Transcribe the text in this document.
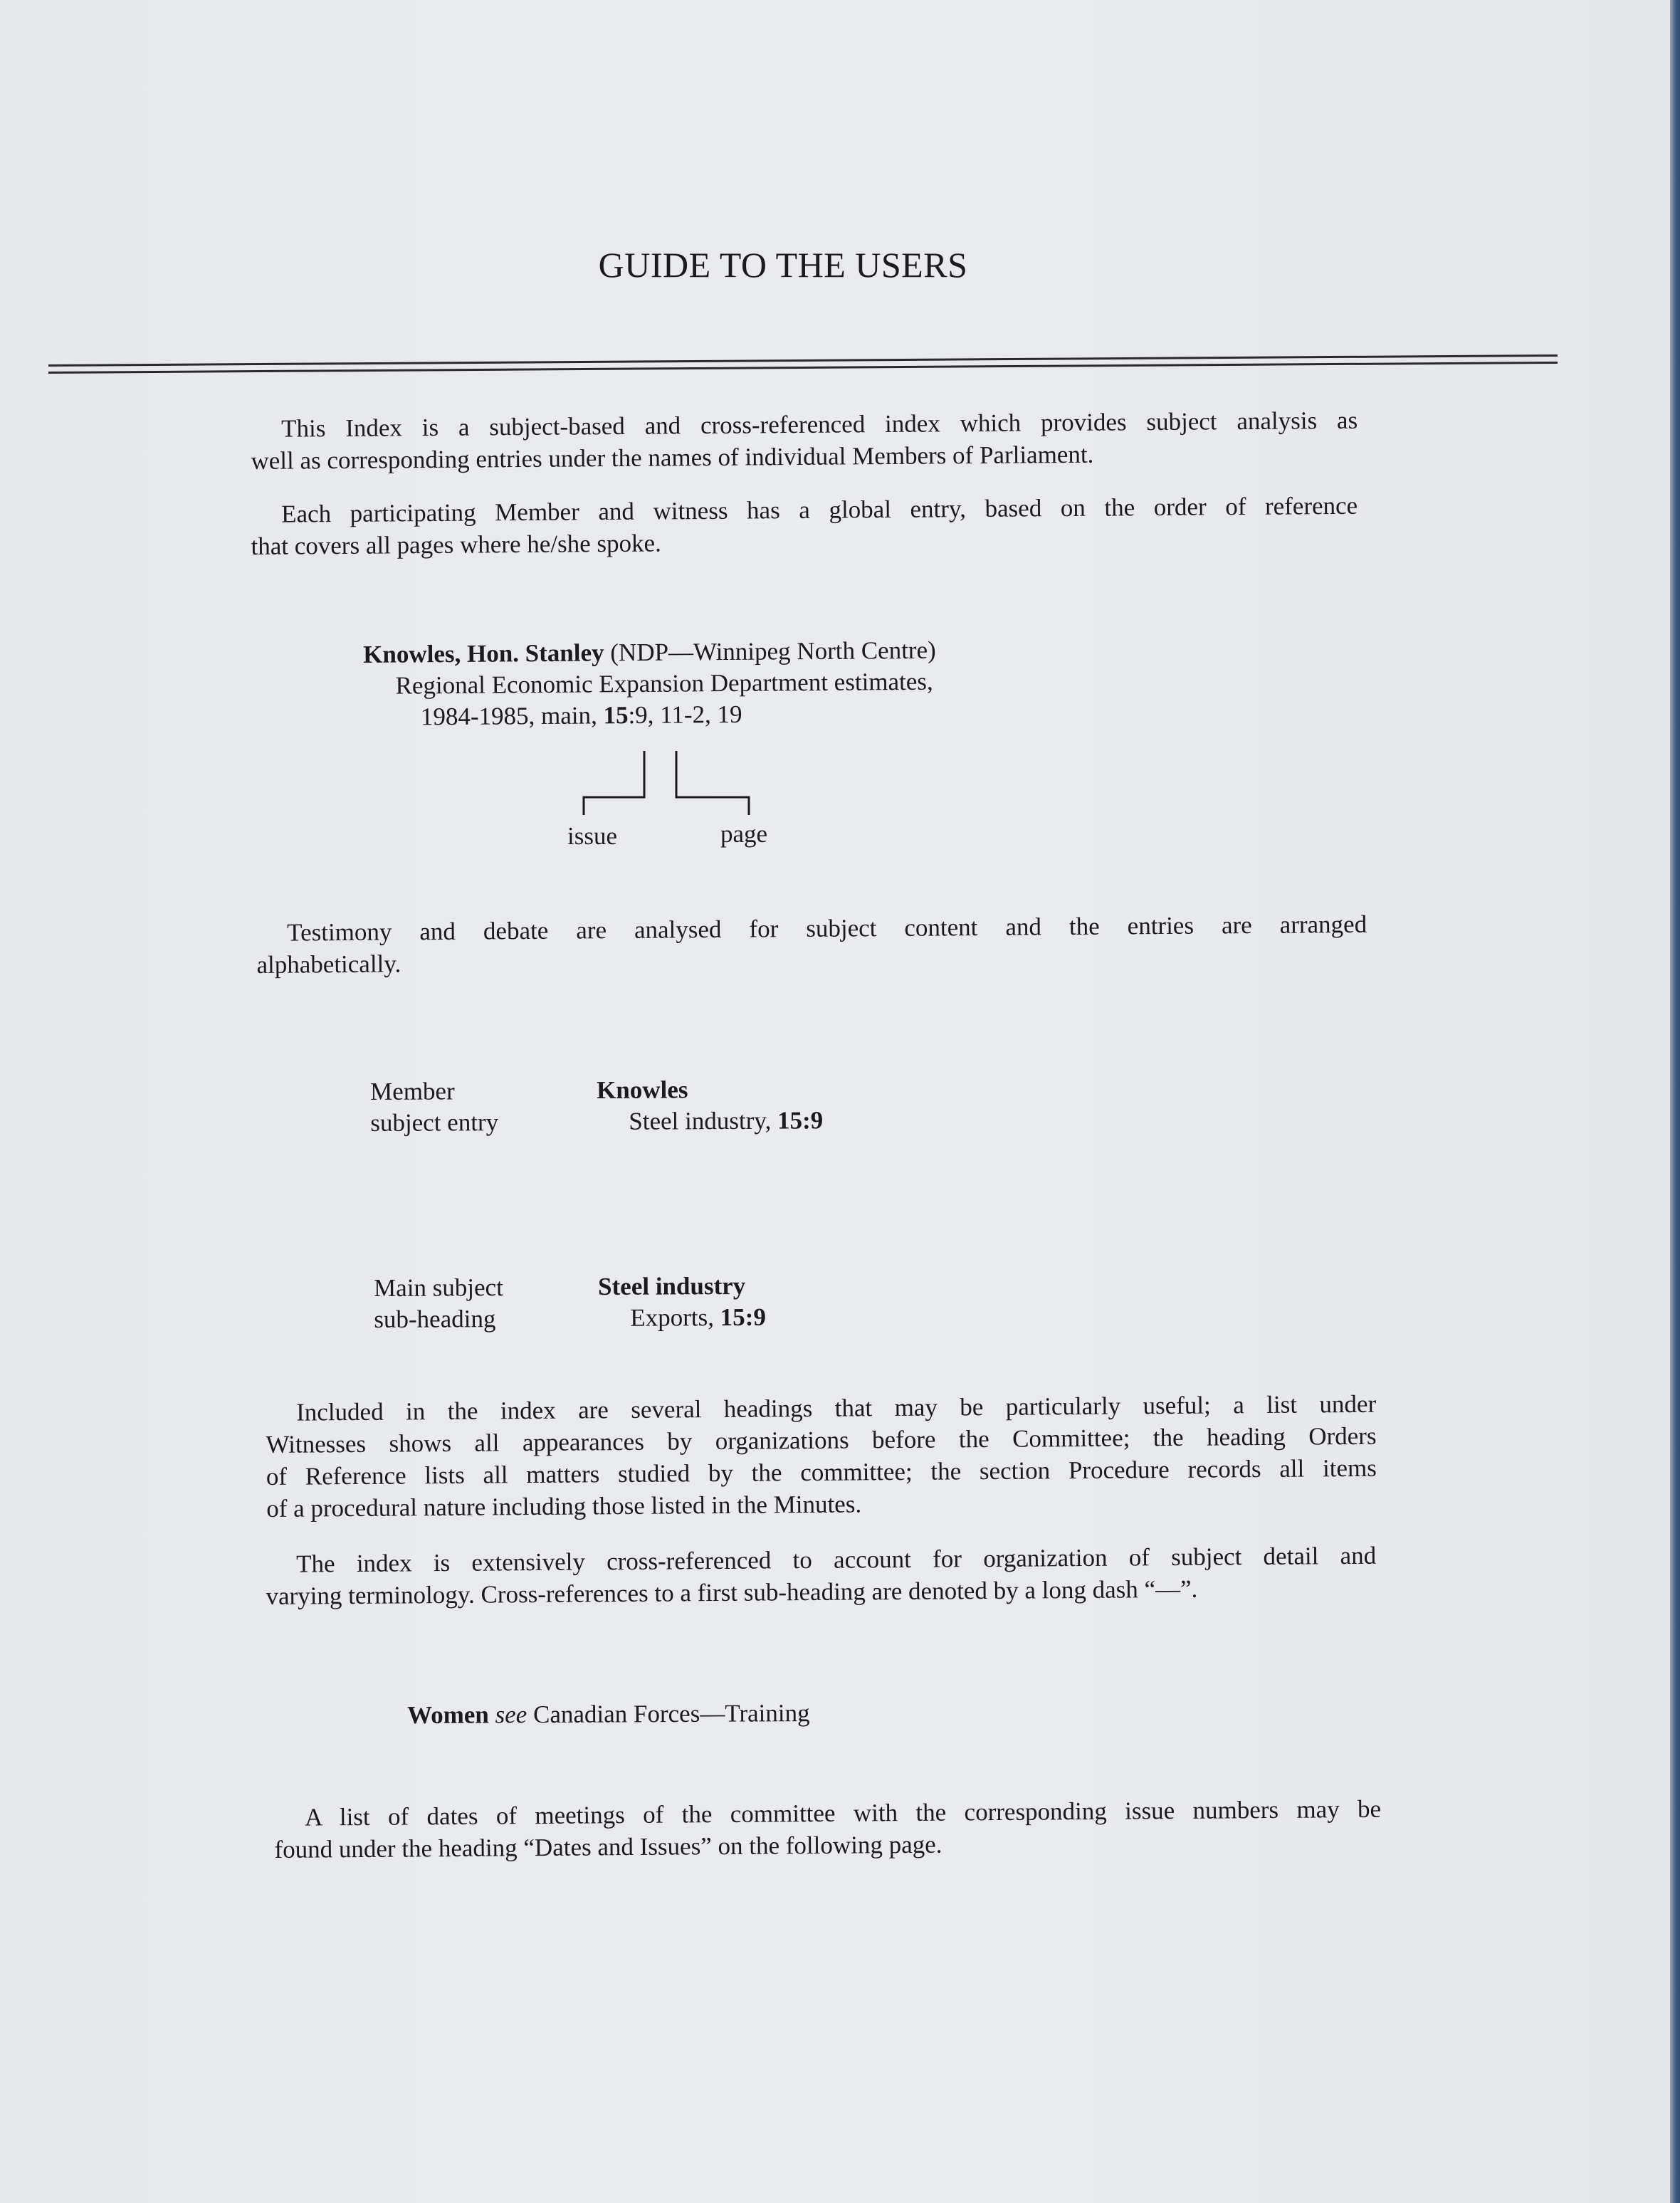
GUIDE TO THE USERS

This Index is a subject-based and cross-referenced index which provides subject analysis as

well as corresponding entries under the names of individual Members of Parliament.

Each participating Member and witness has a global entry, based on the order of reference

that covers all pages where he/she spoke.

Knowles, Hon. Stanley (NDP—Winnipeg North Centre)
Regional Economic Expansion Department estimates,
1984-1985, main, 15:9, 11-2, 19
issue	page

Testimony and debate are analysed for subject content and the entries are arranged

alphabetically.

Member
subject entry
Knowles
Steel industry, 15:9
Main subject
sub-heading
Steel industry
Exports, 15:9

Included in the index are several headings that may be particularly useful; a list under

Witnesses shows all appearances by organizations before the Committee; the heading Orders

of Reference lists all matters studied by the committee; the section Procedure records all items

of a procedural nature including those listed in the Minutes.

The index is extensively cross-referenced to account for organization of subject detail and

varying terminology. Cross-references to a first sub-heading are denoted by a long dash “—”.

Women see Canadian Forces—Training

A list of dates of meetings of the committee with the corresponding issue numbers may be

found under the heading “Dates and Issues” on the following page.
